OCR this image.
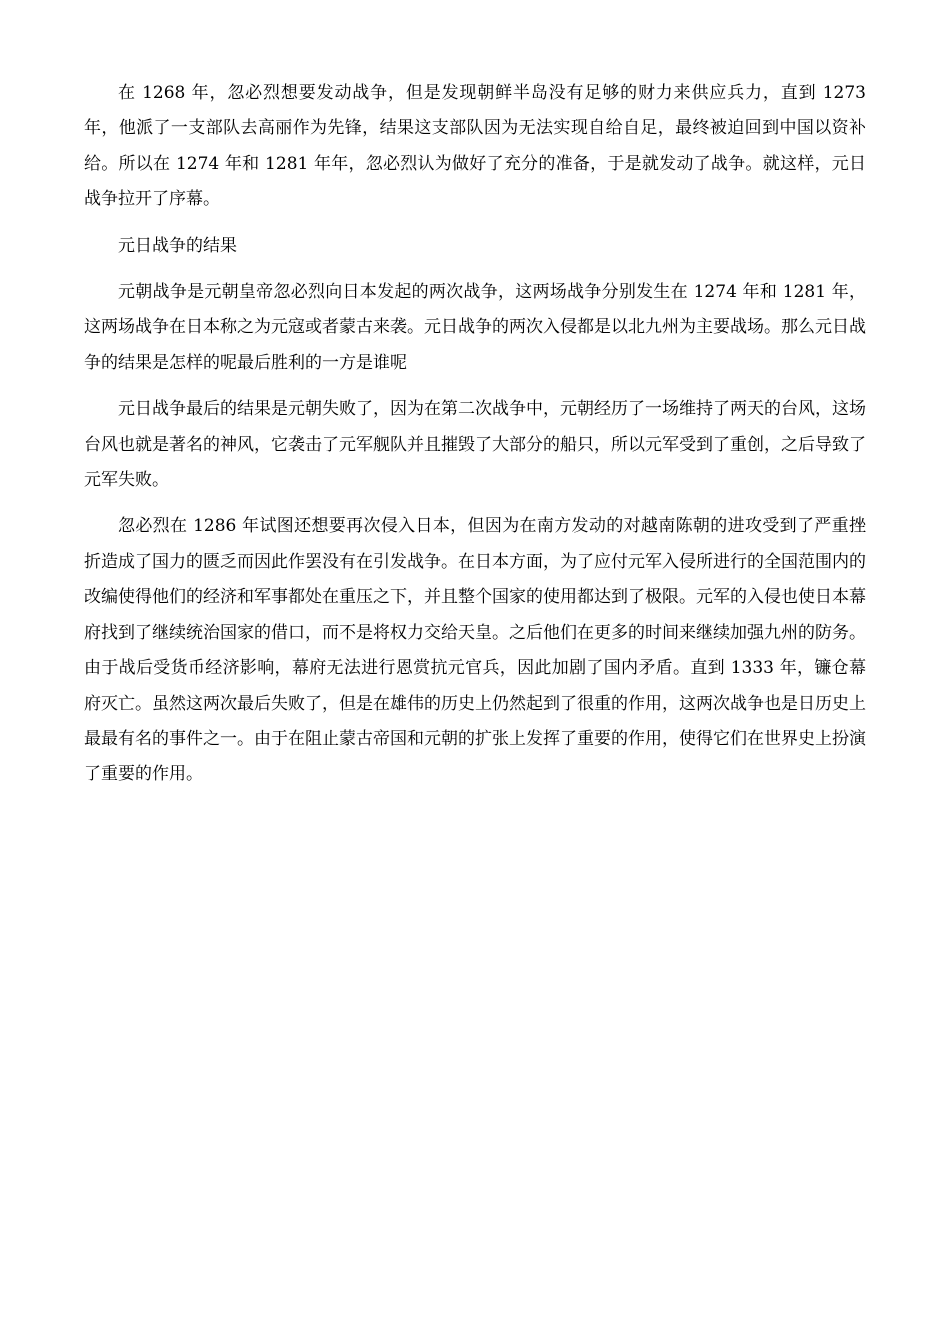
在 1268 年，忽必烈想要发动战争，但是发现朝鲜半岛没有足够的财力来供应兵力，直到 1273 年，他派了一支部队去高丽作为先锋，结果这支部队因为无法实现自给自足，最终被迫回到中国以资补给。所以在 1274 年和 1281 年年，忽必烈认为做好了充分的准备，于是就发动了战争。就这样，元日战争拉开了序幕。

元日战争的结果

元朝战争是元朝皇帝忽必烈向日本发起的两次战争，这两场战争分别发生在 1274 年和 1281 年，这两场战争在日本称之为元寇或者蒙古来袭。元日战争的两次入侵都是以北九州为主要战场。那么元日战争的结果是怎样的呢最后胜利的一方是谁呢

元日战争最后的结果是元朝失败了，因为在第二次战争中，元朝经历了一场维持了两天的台风，这场台风也就是著名的神风，它袭击了元军舰队并且摧毁了大部分的船只，所以元军受到了重创，之后导致了元军失败。

忽必烈在 1286 年试图还想要再次侵入日本，但因为在南方发动的对越南陈朝的进攻受到了严重挫折造成了国力的匮乏而因此作罢没有在引发战争。在日本方面，为了应付元军入侵所进行的全国范围内的改编使得他们的经济和军事都处在重压之下，并且整个国家的使用都达到了极限。元军的入侵也使日本幕府找到了继续统治国家的借口，而不是将权力交给天皇。之后他们在更多的时间来继续加强九州的防务。由于战后受货币经济影响，幕府无法进行恩赏抗元官兵，因此加剧了国内矛盾。直到 1333 年，镰仓幕府灭亡。虽然这两次最后失败了，但是在雄伟的历史上仍然起到了很重的作用，这两次战争也是日历史上最最有名的事件之一。由于在阻止蒙古帝国和元朝的扩张上发挥了重要的作用，使得它们在世界史上扮演了重要的作用。
